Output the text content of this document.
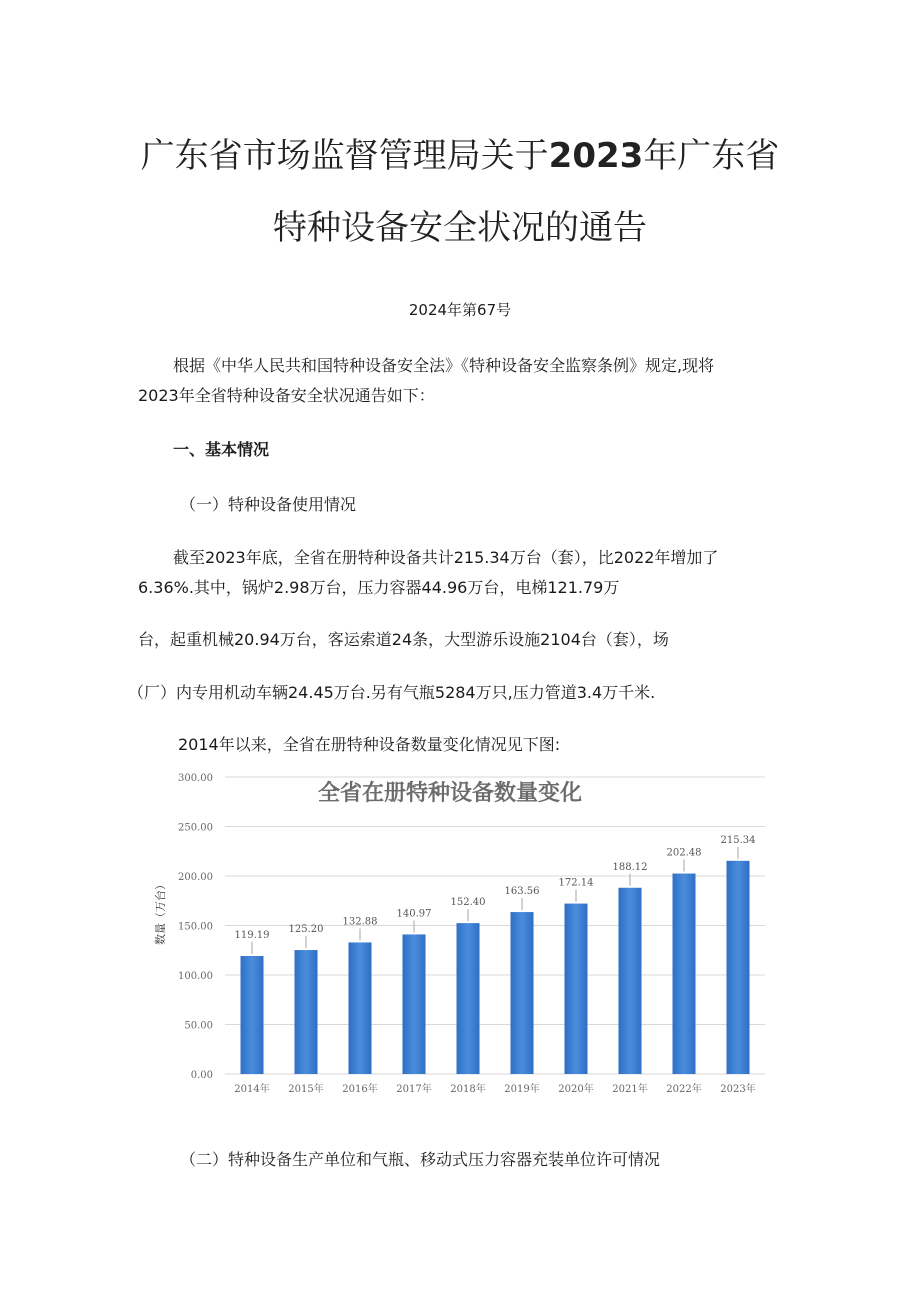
广东省市场监督管理局关于2023年广东省
特种设备安全状况的通告
2024年第67号
根据《中华人民共和国特种设备安全法》《特种设备安全监察条例》规定,现将
2023年全省特种设备安全状况通告如下：
一、基本情况
（一）特种设备使用情况
截至2023年底，全省在册特种设备共计215.34万台（套），比2022年增加了
6.36%.其中，锅炉2.98万台，压力容器44.96万台，电梯121.79万
台，起重机械20.94万台，客运索道24条，大型游乐设施2104台（套），场
（厂）内专用机动车辆24.45万台.另有气瓶5284万只,压力管道3.4万千米.
2014年以来，全省在册特种设备数量变化情况见下图:
0.00
50.00
100.00
150.00
200.00
250.00
300.00
119.19
125.20
132.88
140.97
152.40
163.56
172.14
188.12
202.48
215.34
2014年 2015年 2016年 2017年 2018年 2019年 2020年 2021年 2022年 2023年
全省在册特种设备数量变化
数量（万台）
（二）特种设备生产单位和气瓶、移动式压力容器充装单位许可情况
